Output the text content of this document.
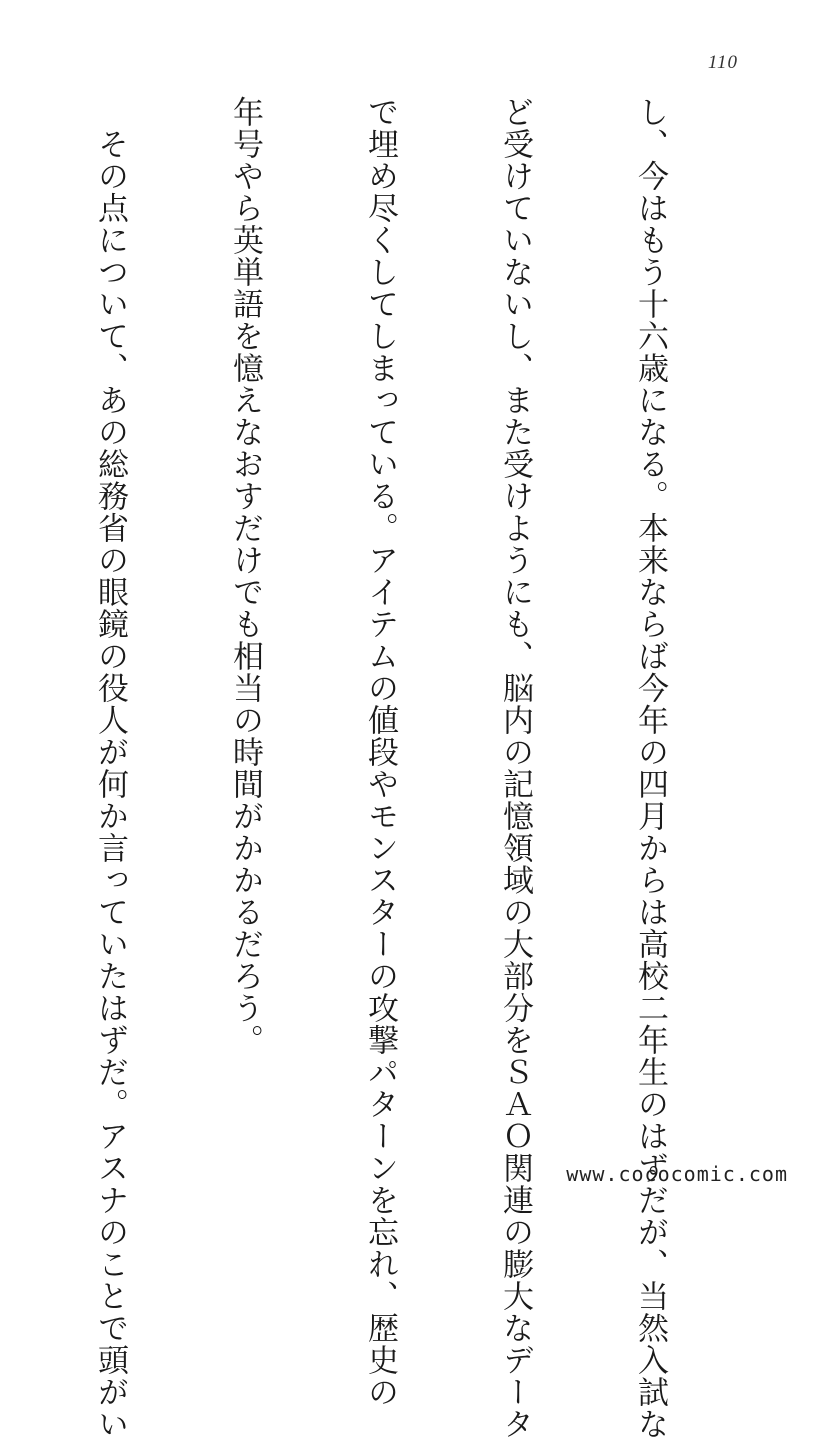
110

し、今はもう十六歳になる。本来ならば今年の四月からは高校二年生のはずだが、当然入試な

ど受けていないし、また受けようにも、脳内の記憶領域の大部分をＳＡＯ関連の膨大なデータ

で埋め尽くしてしまっている。アイテムの値段やモンスターの攻撃パターンを忘れ、歴史の

年号やら英単語を憶えなおすだけでも相当の時間がかかるだろう。

　その点について、あの総務省の眼鏡の役人が何か言っていたはずだ。アスナのことで頭がい

	www.cococomic.com
